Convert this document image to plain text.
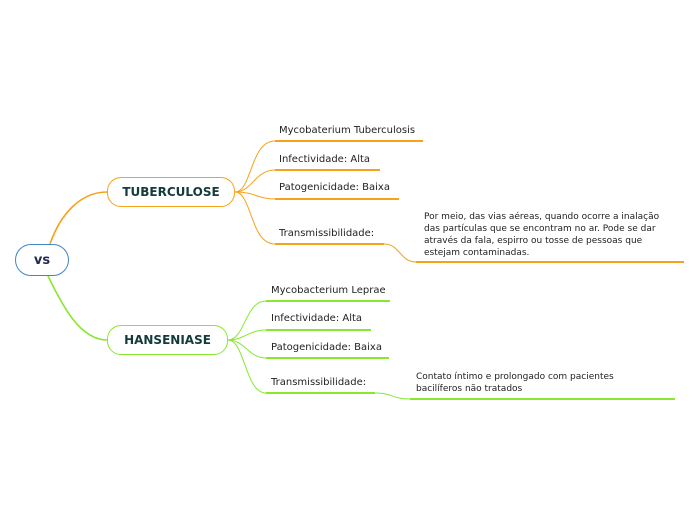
vs
TUBERCULOSE
HANSENIASE
Mycobaterium Tuberculosis
Infectividade: Alta
Patogenicidade: Baixa
Transmissibilidade:
Por meio, das vias aéreas, quando ocorre a inalação
das partículas que se encontram no ar. Pode se dar
através da fala, espirro ou tosse de pessoas que
estejam contaminadas.
Mycobacterium Leprae
Infectividade: Alta
Patogenicidade: Baixa
Transmissibilidade:	Contato íntimo e prolongado com pacientes
bacilíferos não tratados
